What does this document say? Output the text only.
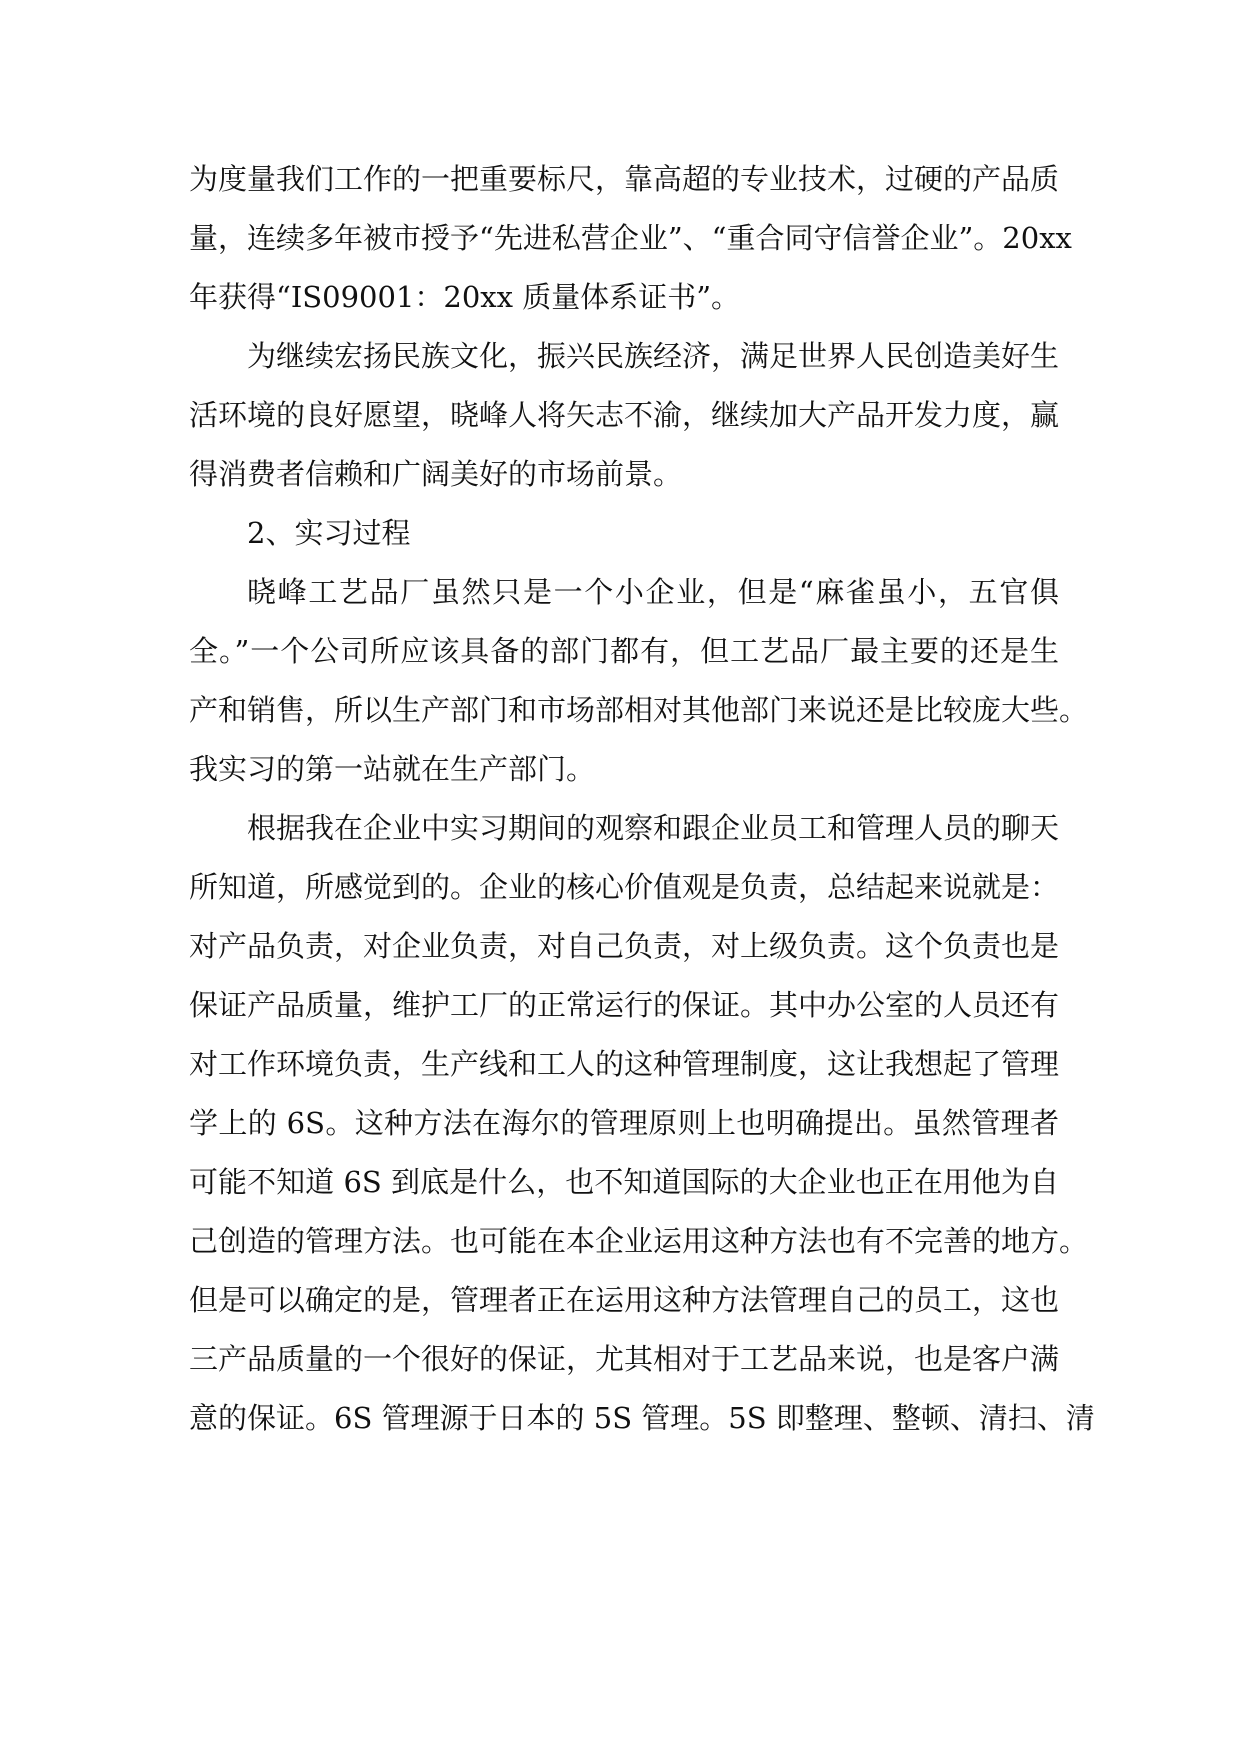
为度量我们工作的一把重要标尺，靠高超的专业技术，过硬的产品质
量，连续多年被市授予“先进私营企业”、“重合同守信誉企业”。20xx
年获得“IS09001：20xx 质量体系证书”。
为继续宏扬民族文化，振兴民族经济，满足世界人民创造美好生
活环境的良好愿望，晓峰人将矢志不渝，继续加大产品开发力度，赢
得消费者信赖和广阔美好的市场前景。
2、实习过程
晓峰工艺品厂虽然只是一个小企业，但是“麻雀虽小，五官俱
全。”一个公司所应该具备的部门都有，但工艺品厂最主要的还是生
产和销售，所以生产部门和市场部相对其他部门来说还是比较庞大些。
我实习的第一站就在生产部门。
根据我在企业中实习期间的观察和跟企业员工和管理人员的聊天
所知道，所感觉到的。企业的核心价值观是负责，总结起来说就是：
对产品负责，对企业负责，对自己负责，对上级负责。这个负责也是
保证产品质量，维护工厂的正常运行的保证。其中办公室的人员还有
对工作环境负责，生产线和工人的这种管理制度，这让我想起了管理
学上的 6S。这种方法在海尔的管理原则上也明确提出。虽然管理者
可能不知道 6S 到底是什么，也不知道国际的大企业也正在用他为自
己创造的管理方法。也可能在本企业运用这种方法也有不完善的地方。
但是可以确定的是，管理者正在运用这种方法管理自己的员工，这也
三产品质量的一个很好的保证，尤其相对于工艺品来说，也是客户满
意的保证。6S 管理源于日本的 5S 管理。5S 即整理、整顿、清扫、清
